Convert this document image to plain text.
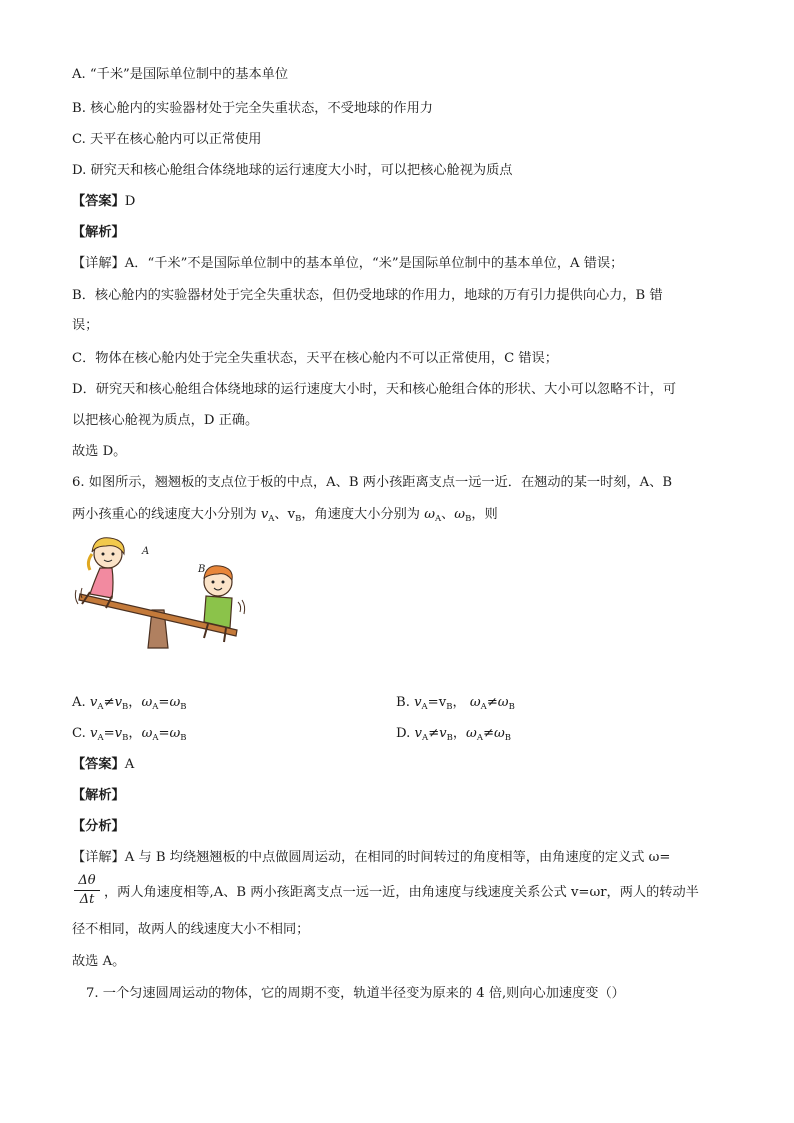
A. “千米”是国际单位制中的基本单位
B. 核心舱内的实验器材处于完全失重状态，不受地球的作用力
C. 天平在核心舱内可以正常使用
D. 研究天和核心舱组合体绕地球的运行速度大小时，可以把核心舱视为质点
【答案】D
【解析】
【详解】A．“千米”不是国际单位制中的基本单位，“米”是国际单位制中的基本单位，A 错误；
B．核心舱内的实验器材处于完全失重状态，但仍受地球的作用力，地球的万有引力提供向心力，B 错
误；
C．物体在核心舱内处于完全失重状态，天平在核心舱内不可以正常使用，C 错误；
D．研究天和核心舱组合体绕地球的运行速度大小时，天和核心舱组合体的形状、大小可以忽略不计，可
以把核心舱视为质点，D 正确。
故选 D。
6. 如图所示，翘翘板的支点位于板的中点，A、B 两小孩距离支点一远一近．在翘动的某一时刻，A、B
两小孩重心的线速度大小分别为 $v_A$、$v_B$，角速度大小分别为 $\omega_A$、$\omega_B$，则
A
B
A. $v_A\ne v_B$，$\omega_A=\omega_B$	B. $v_A=v_B$， $\omega_A\ne\omega_B$
C. $v_A=v_B$，$\omega_A=\omega_B$	D. $v_A\ne v_B$，$\omega_A\ne\omega_B$
【答案】A
【解析】
【分析】
【详解】A 与 B 均绕翘翘板的中点做圆周运动，在相同的时间转过的角度相等，由角速度的定义式 ω=
Δθ
Δt ，两人角速度相等,A、B 两小孩距离支点一远一近，由角速度与线速度关系公式 v=ωr，两人的转动半
径不相同，故两人的线速度大小不相同；
故选 A。
7. 一个匀速圆周运动的物体，它的周期不变，轨道半径变为原来的 4 倍,则向心加速度变（）
